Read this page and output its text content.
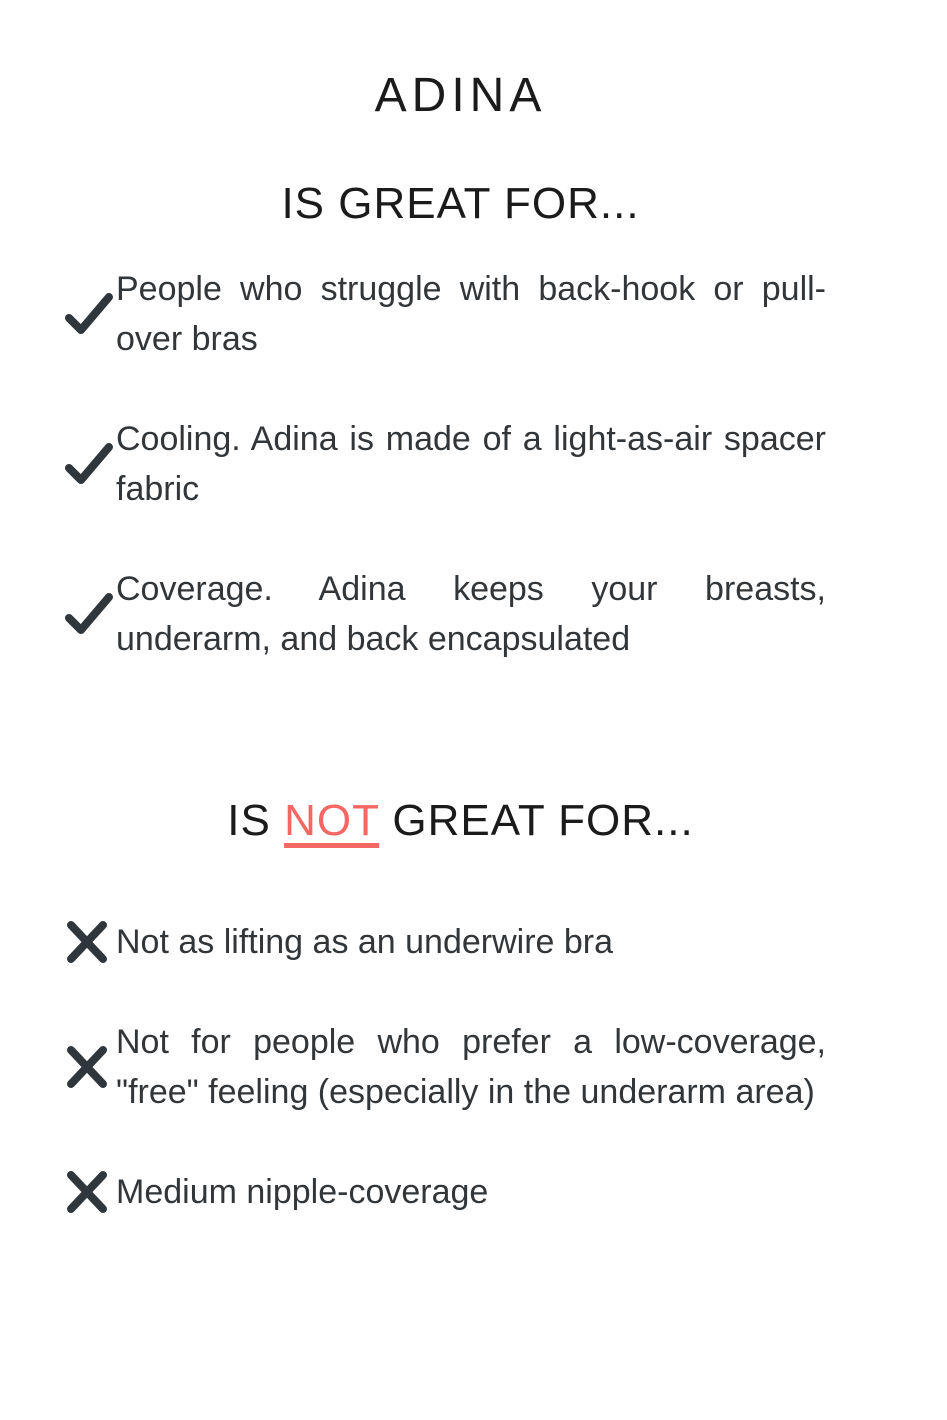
ADINA
IS GREAT FOR...
People who struggle with back-hook or pull-over bras
Cooling. Adina is made of a light-as-air spacer fabric
Coverage. Adina keeps your breasts, underarm, and back encapsulated
IS NOT GREAT FOR...
Not as lifting as an underwire bra
Not for people who prefer a low-coverage, "free" feeling (especially in the underarm area)
Medium nipple-coverage
